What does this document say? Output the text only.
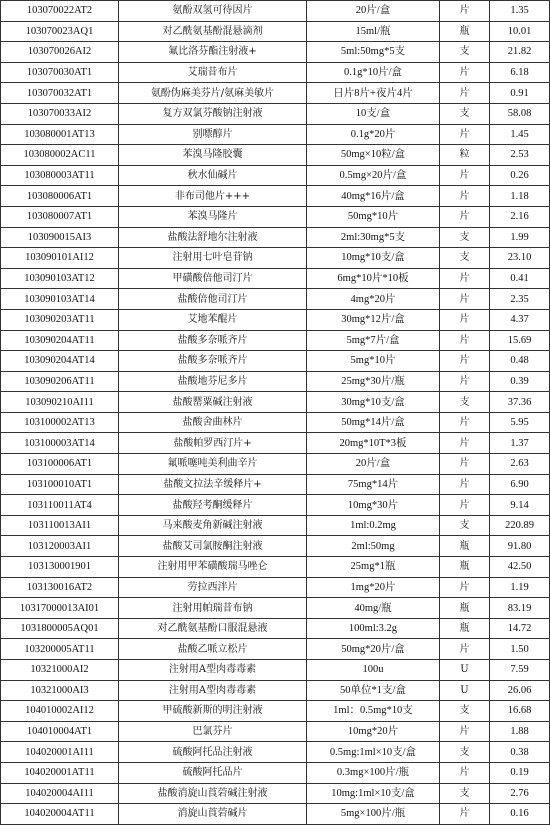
103070022AT2	氨酚双氢可待因片	20片/盒	片	1.35
103070023AQ1	对乙酰氨基酚混悬滴剂	15ml/瓶	瓶	10.01
103070026AI2	氟比洛芬酯注射液+	5ml:50mg*5支	支	21.82
103070030AT1	艾瑞昔布片	0.1g*10片/盒	片	6.18
103070032AT1	氨酚伪麻美芬片/氨麻美敏片	日片8片+夜片4片	片	0.91
103070033AI2	复方双氯芬酸钠注射液	10支/盒	支	58.08
103080001AT13	别嘌醇片	0.1g*20片	片	1.45
103080002AC11	苯溴马隆胶囊	50mg×10粒/盒	粒	2.53
103080003AT11	秋水仙碱片	0.5mg×20片/盒	片	0.26
103080006AT1	非布司他片+++	40mg*16片/盒	片	1.18
103080007AT1	苯溴马隆片	50mg*10片	片	2.16
103090015AI3	盐酸法舒地尔注射液	2ml:30mg*5支	支	1.99
103090101AI12	注射用七叶皂苷钠	10mg*10支/盒	支	23.10
103090103AT12	甲磺酸倍他司汀片	6mg*10片*10板	片	0.41
103090103AT14	盐酸倍他司汀片	4mg*20片	片	2.35
103090203AT11	艾地苯醌片	30mg*12片/盒	片	4.37
103090204AT11	盐酸多奈哌齐片	5mg*7片/盒	片	15.69
103090204AT14	盐酸多奈哌齐片	5mg*10片	片	0.48
103090206AT11	盐酸地芬尼多片	25mg*30片/瓶	片	0.39
103090210AI11	盐酸罂粟碱注射液	30mg*10支/盒	支	37.36
103100002AT13	盐酸舍曲林片	50mg*14片/盒	片	5.95
103100003AT14	盐酸帕罗西汀片+	20mg*10T*3板	片	1.37
103100006AT1	氟哌噻吨美利曲辛片	20片/盒	片	2.63
103100010AT1	盐酸文拉法辛缓释片+	75mg*14片	片	6.90
103110011AT4	盐酸羟考酮缓释片	10mg*30片	片	9.14
103110013AI1	马来酸麦角新碱注射液	1ml:0.2mg	支	220.89
103120003AI1	盐酸艾司氯胺酮注射液	2ml:50mg	瓶	91.80
103130001901	注射用甲苯磺酸瑞马唑仑	25mg*1瓶	瓶	42.50
103130016AT2	劳拉西泮片	1mg*20片	片	1.19
10317000013AI01	注射用帕瑞昔布钠	40mg/瓶	瓶	83.19
1031800005AQ01	对乙酰氨基酚口服混悬液	100ml:3.2g	瓶	14.72
103200005AT11	盐酸乙哌立松片	50mg*20片/盒	片	1.50
10321000AI2	注射用A型肉毒毒素	100u	U	7.59
10321000AI3	注射用A型肉毒毒素	50单位*1支/盒	U	26.06
104010002AI12	甲硫酸新斯的明注射液	1ml：0.5mg*10支	支	16.68
104010004AT1	巴氯芬片	10mg*20片	片	1.88
104020001AI11	硫酸阿托品注射液	0.5mg:1ml×10支/盒	支	0.38
104020001AT11	硫酸阿托品片	0.3mg×100片/瓶	片	0.19
104020004AI11	盐酸消旋山莨菪碱注射液	10mg:1ml×10支/盒	支	2.76
104020004AT11	消旋山莨菪碱片	5mg×100片/瓶	片	0.16
